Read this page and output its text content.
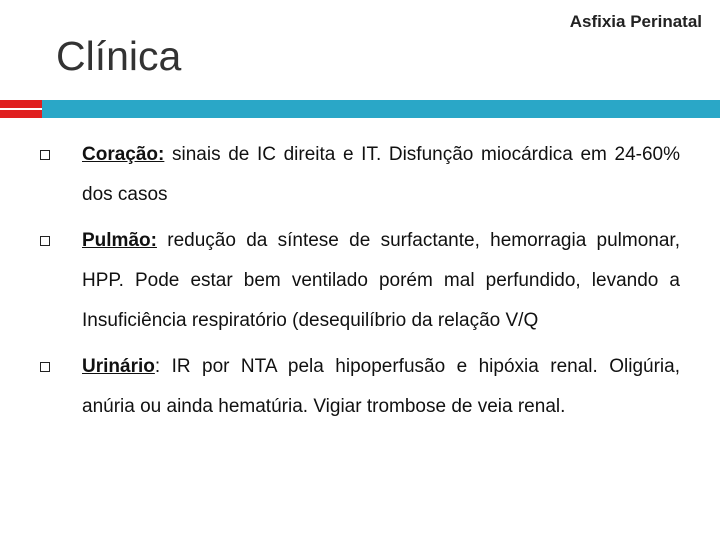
Asfixia Perinatal
Clínica
Coração: sinais de IC direita e IT. Disfunção miocárdica em 24-60% dos casos
Pulmão: redução da síntese de surfactante, hemorragia pulmonar, HPP. Pode estar bem ventilado porém mal perfundido, levando a Insuficiência respiratório (desequilíbrio da relação V/Q
Urinário: IR por NTA pela hipoperfusão e hipóxia renal. Oligúria, anúria ou ainda hematúria. Vigiar trombose de veia renal.
